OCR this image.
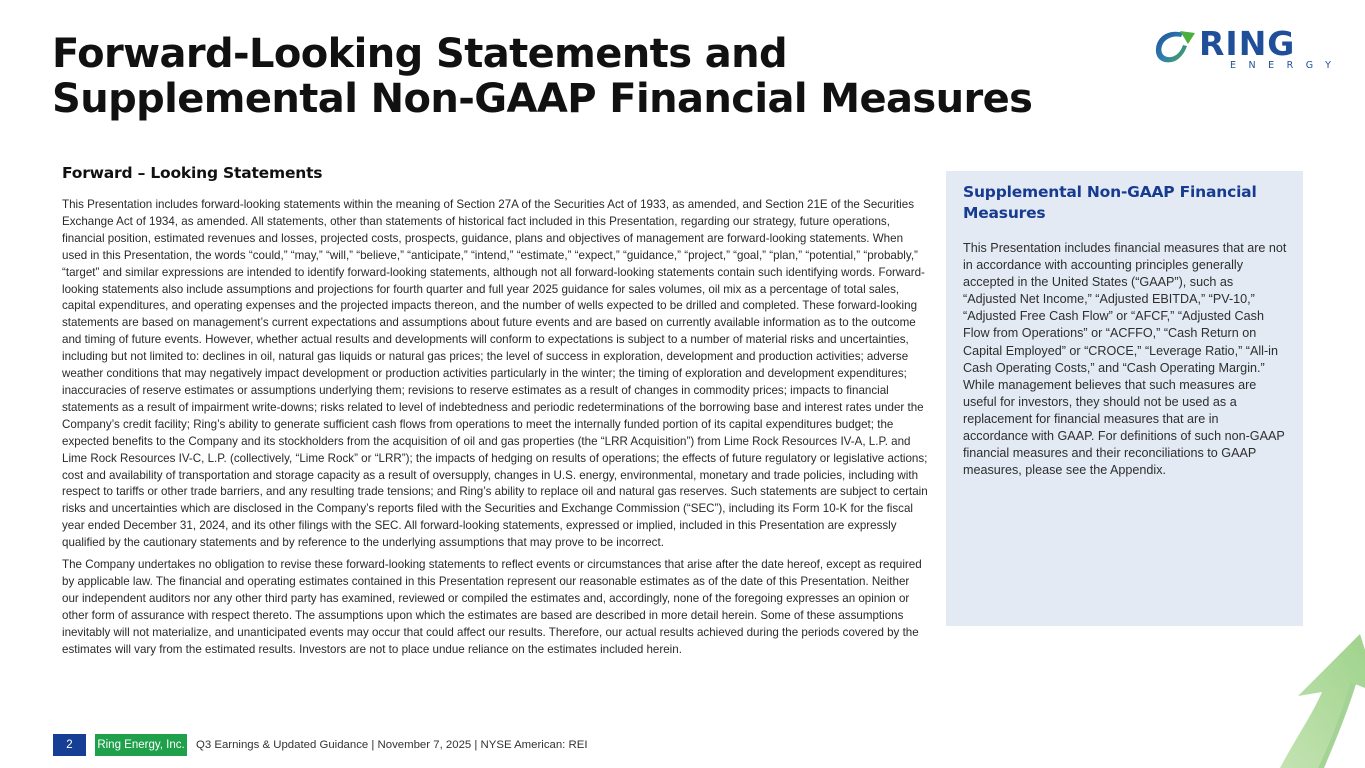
Forward-Looking Statements and
Supplemental Non-GAAP Financial Measures
RING
ENERGY
Forward – Looking Statements

This Presentation includes forward-looking statements within the meaning of Section 27A of the Securities Act of 1933, as amended, and Section 21E of the Securities Exchange Act of 1934, as amended. All statements, other than statements of historical fact included in this Presentation, regarding our strategy, future operations, financial position, estimated revenues and losses, projected costs, prospects, guidance, plans and objectives of management are forward-looking statements. When used in this Presentation, the words “could,” “may,” “will,” “believe,” “anticipate,” “intend,” “estimate,” “expect,” “guidance,” “project,” “goal,” “plan,” “potential,” “probably,” “target” and similar expressions are intended to identify forward-looking statements, although not all forward-looking statements contain such identifying words. Forward-looking statements also include assumptions and projections for fourth quarter and full year 2025 guidance for sales volumes, oil mix as a percentage of total sales, capital expenditures, and operating expenses and the projected impacts thereon, and the number of wells expected to be drilled and completed. These forward-looking statements are based on management’s current expectations and assumptions about future events and are based on currently available information as to the outcome and timing of future events. However, whether actual results and developments will conform to expectations is subject to a number of material risks and uncertainties, including but not limited to: declines in oil, natural gas liquids or natural gas prices; the level of success in exploration, development and production activities; adverse weather conditions that may negatively impact development or production activities particularly in the winter; the timing of exploration and development expenditures; inaccuracies of reserve estimates or assumptions underlying them; revisions to reserve estimates as a result of changes in commodity prices; impacts to financial statements as a result of impairment write-downs; risks related to level of indebtedness and periodic redeterminations of the borrowing base and interest rates under the Company’s credit facility; Ring’s ability to generate sufficient cash flows from operations to meet the internally funded portion of its capital expenditures budget; the expected benefits to the Company and its stockholders from the acquisition of oil and gas properties (the “LRR Acquisition”) from Lime Rock Resources IV-A, L.P. and Lime Rock Resources IV-C, L.P. (collectively, “Lime Rock” or “LRR”); the impacts of hedging on results of operations; the effects of future regulatory or legislative actions; cost and availability of transportation and storage capacity as a result of oversupply, changes in U.S. energy, environmental, monetary and trade policies, including with respect to tariffs or other trade barriers, and any resulting trade tensions; and Ring’s ability to replace oil and natural gas reserves. Such statements are subject to certain risks and uncertainties which are disclosed in the Company’s reports filed with the Securities and Exchange Commission (“SEC”), including its Form 10-K for the fiscal year ended December 31, 2024, and its other filings with the SEC. All forward-looking statements, expressed or implied, included in this Presentation are expressly qualified by the cautionary statements and by reference to the underlying assumptions that may prove to be incorrect.

The Company undertakes no obligation to revise these forward-looking statements to reflect events or circumstances that arise after the date hereof, except as required by applicable law. The financial and operating estimates contained in this Presentation represent our reasonable estimates as of the date of this Presentation. Neither our independent auditors nor any other third party has examined, reviewed or compiled the estimates and, accordingly, none of the foregoing expresses an opinion or other form of assurance with respect thereto. The assumptions upon which the estimates are based are described in more detail herein. Some of these assumptions inevitably will not materialize, and unanticipated events may occur that could affect our results. Therefore, our actual results achieved during the periods covered by the estimates will vary from the estimated results. Investors are not to place undue reliance on the estimates included herein.

Supplemental Non-GAAP Financial Measures

This Presentation includes financial measures that are not in accordance with accounting principles generally accepted in the United States (“GAAP”), such as “Adjusted Net Income,” “Adjusted EBITDA,” “PV-10,” “Adjusted Free Cash Flow” or “AFCF,” “Adjusted Cash Flow from Operations” or “ACFFO,” “Cash Return on Capital Employed” or “CROCE,” “Leverage Ratio,” “All-in Cash Operating Costs,” and “Cash Operating Margin.” While management believes that such measures are useful for investors, they should not be used as a replacement for financial measures that are in accordance with GAAP. For definitions of such non-GAAP financial measures and their reconciliations to GAAP measures, please see the Appendix.

2	Ring Energy, Inc. Q3 Earnings & Updated Guidance | November 7, 2025 | NYSE American: REI
